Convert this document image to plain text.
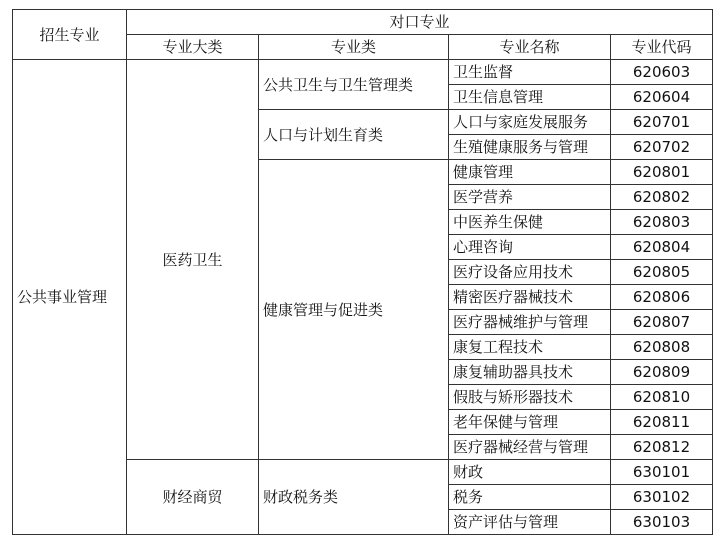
招生专业	对口专业			
	专业大类	专业类	专业名称	专业代码
公共事业管理	医药卫生	公共卫生与卫生管理类	卫生监督	620603
			卫生信息管理	620604
		人口与计划生育类	人口与家庭发展服务	620701
			生殖健康服务与管理	620702
		健康管理与促进类	健康管理	620801
			医学营养	620802
			中医养生保健	620803
			心理咨询	620804
			医疗设备应用技术	620805
			精密医疗器械技术	620806
			医疗器械维护与管理	620807
			康复工程技术	620808
			康复辅助器具技术	620809
			假肢与矫形器技术	620810
			老年保健与管理	620811
			医疗器械经营与管理	620812
	财经商贸	财政税务类	财政	630101
			税务	630102
			资产评估与管理	630103
